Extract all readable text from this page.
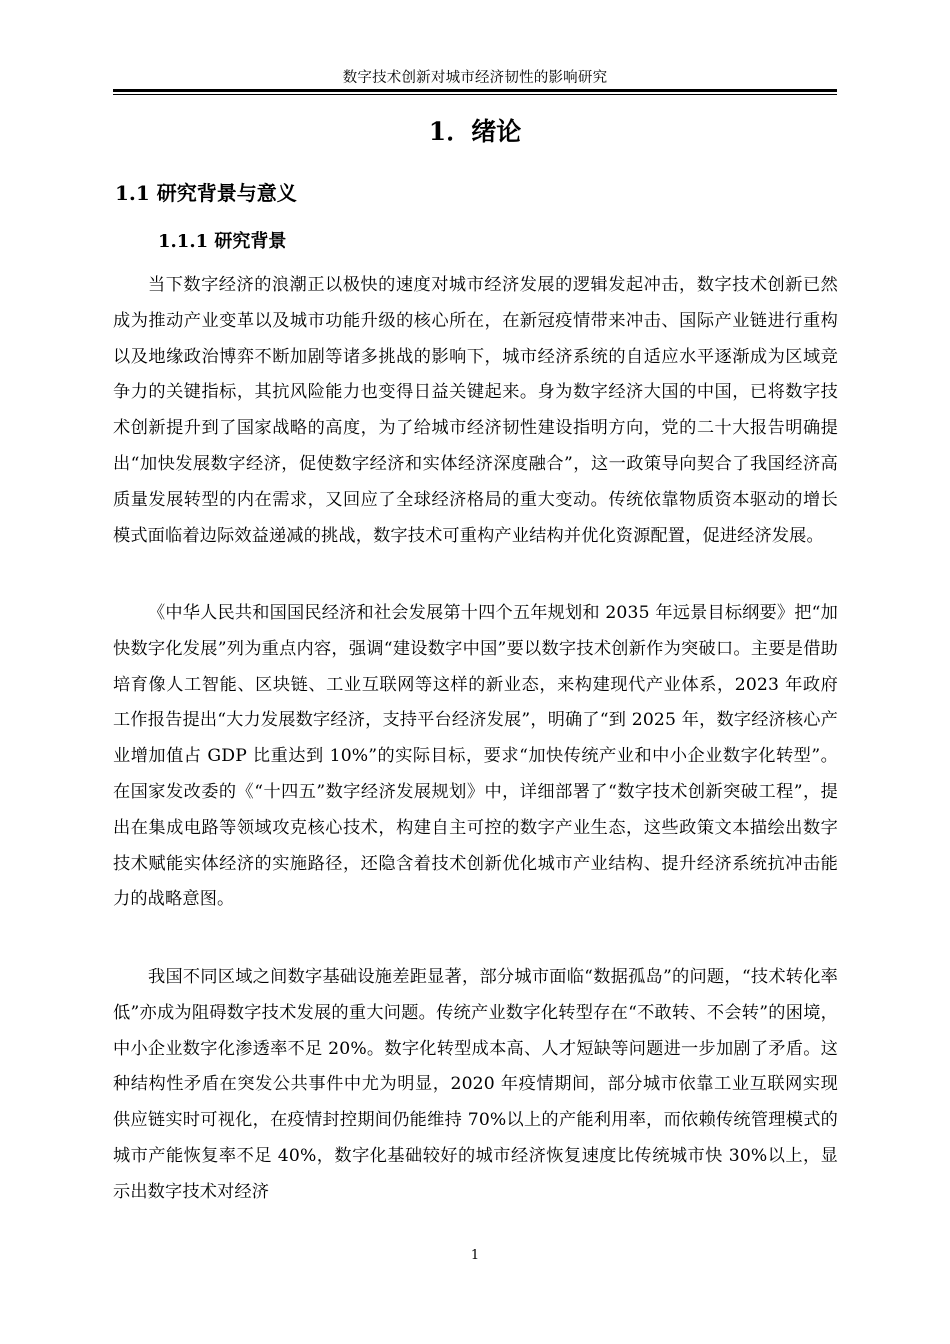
数字技术创新对城市经济韧性的影响研究
1．绪论
1.1 研究背景与意义
1.1.1 研究背景

当下数字经济的浪潮正以极快的速度对城市经济发展的逻辑发起冲击，数字技术创新已然成为推动产业变革以及城市功能升级的核心所在，在新冠疫情带来冲击、国际产业链进行重构以及地缘政治博弈不断加剧等诸多挑战的影响下，城市经济系统的自适应水平逐渐成为区域竞争力的关键指标，其抗风险能力也变得日益关键起来。身为数字经济大国的中国，已将数字技术创新提升到了国家战略的高度，为了给城市经济韧性建设指明方向，党的二十大报告明确提出“加快发展数字经济，促使数字经济和实体经济深度融合”，这一政策导向契合了我国经济高质量发展转型的内在需求，又回应了全球经济格局的重大变动。传统依靠物质资本驱动的增长模式面临着边际效益递减的挑战，数字技术可重构产业结构并优化资源配置，促进经济发展。

《中华人民共和国国民经济和社会发展第十四个五年规划和 2035 年远景目标纲要》把“加快数字化发展”列为重点内容，强调“建设数字中国”要以数字技术创新作为突破口。主要是借助培育像人工智能、区块链、工业互联网等这样的新业态，来构建现代产业体系，2023 年政府工作报告提出“大力发展数字经济，支持平台经济发展”，明确了“到 2025 年，数字经济核心产业增加值占 GDP 比重达到 10%”的实际目标，要求“加快传统产业和中小企业数字化转型”。在国家发改委的《“十四五”数字经济发展规划》中，详细部署了“数字技术创新突破工程”，提出在集成电路等领域攻克核心技术，构建自主可控的数字产业生态，这些政策文本描绘出数字技术赋能实体经济的实施路径，还隐含着技术创新优化城市产业结构、提升经济系统抗冲击能力的战略意图。

我国不同区域之间数字基础设施差距显著，部分城市面临“数据孤岛”的问题，“技术转化率低”亦成为阻碍数字技术发展的重大问题。传统产业数字化转型存在“不敢转、不会转”的困境，中小企业数字化渗透率不足 20%。数字化转型成本高、人才短缺等问题进一步加剧了矛盾。这种结构性矛盾在突发公共事件中尤为明显，2020 年疫情期间，部分城市依靠工业互联网实现供应链实时可视化，在疫情封控期间仍能维持 70%以上的产能利用率，而依赖传统管理模式的城市产能恢复率不足 40%，数字化基础较好的城市经济恢复速度比传统城市快 30%以上，显示出数字技术对经济

1
